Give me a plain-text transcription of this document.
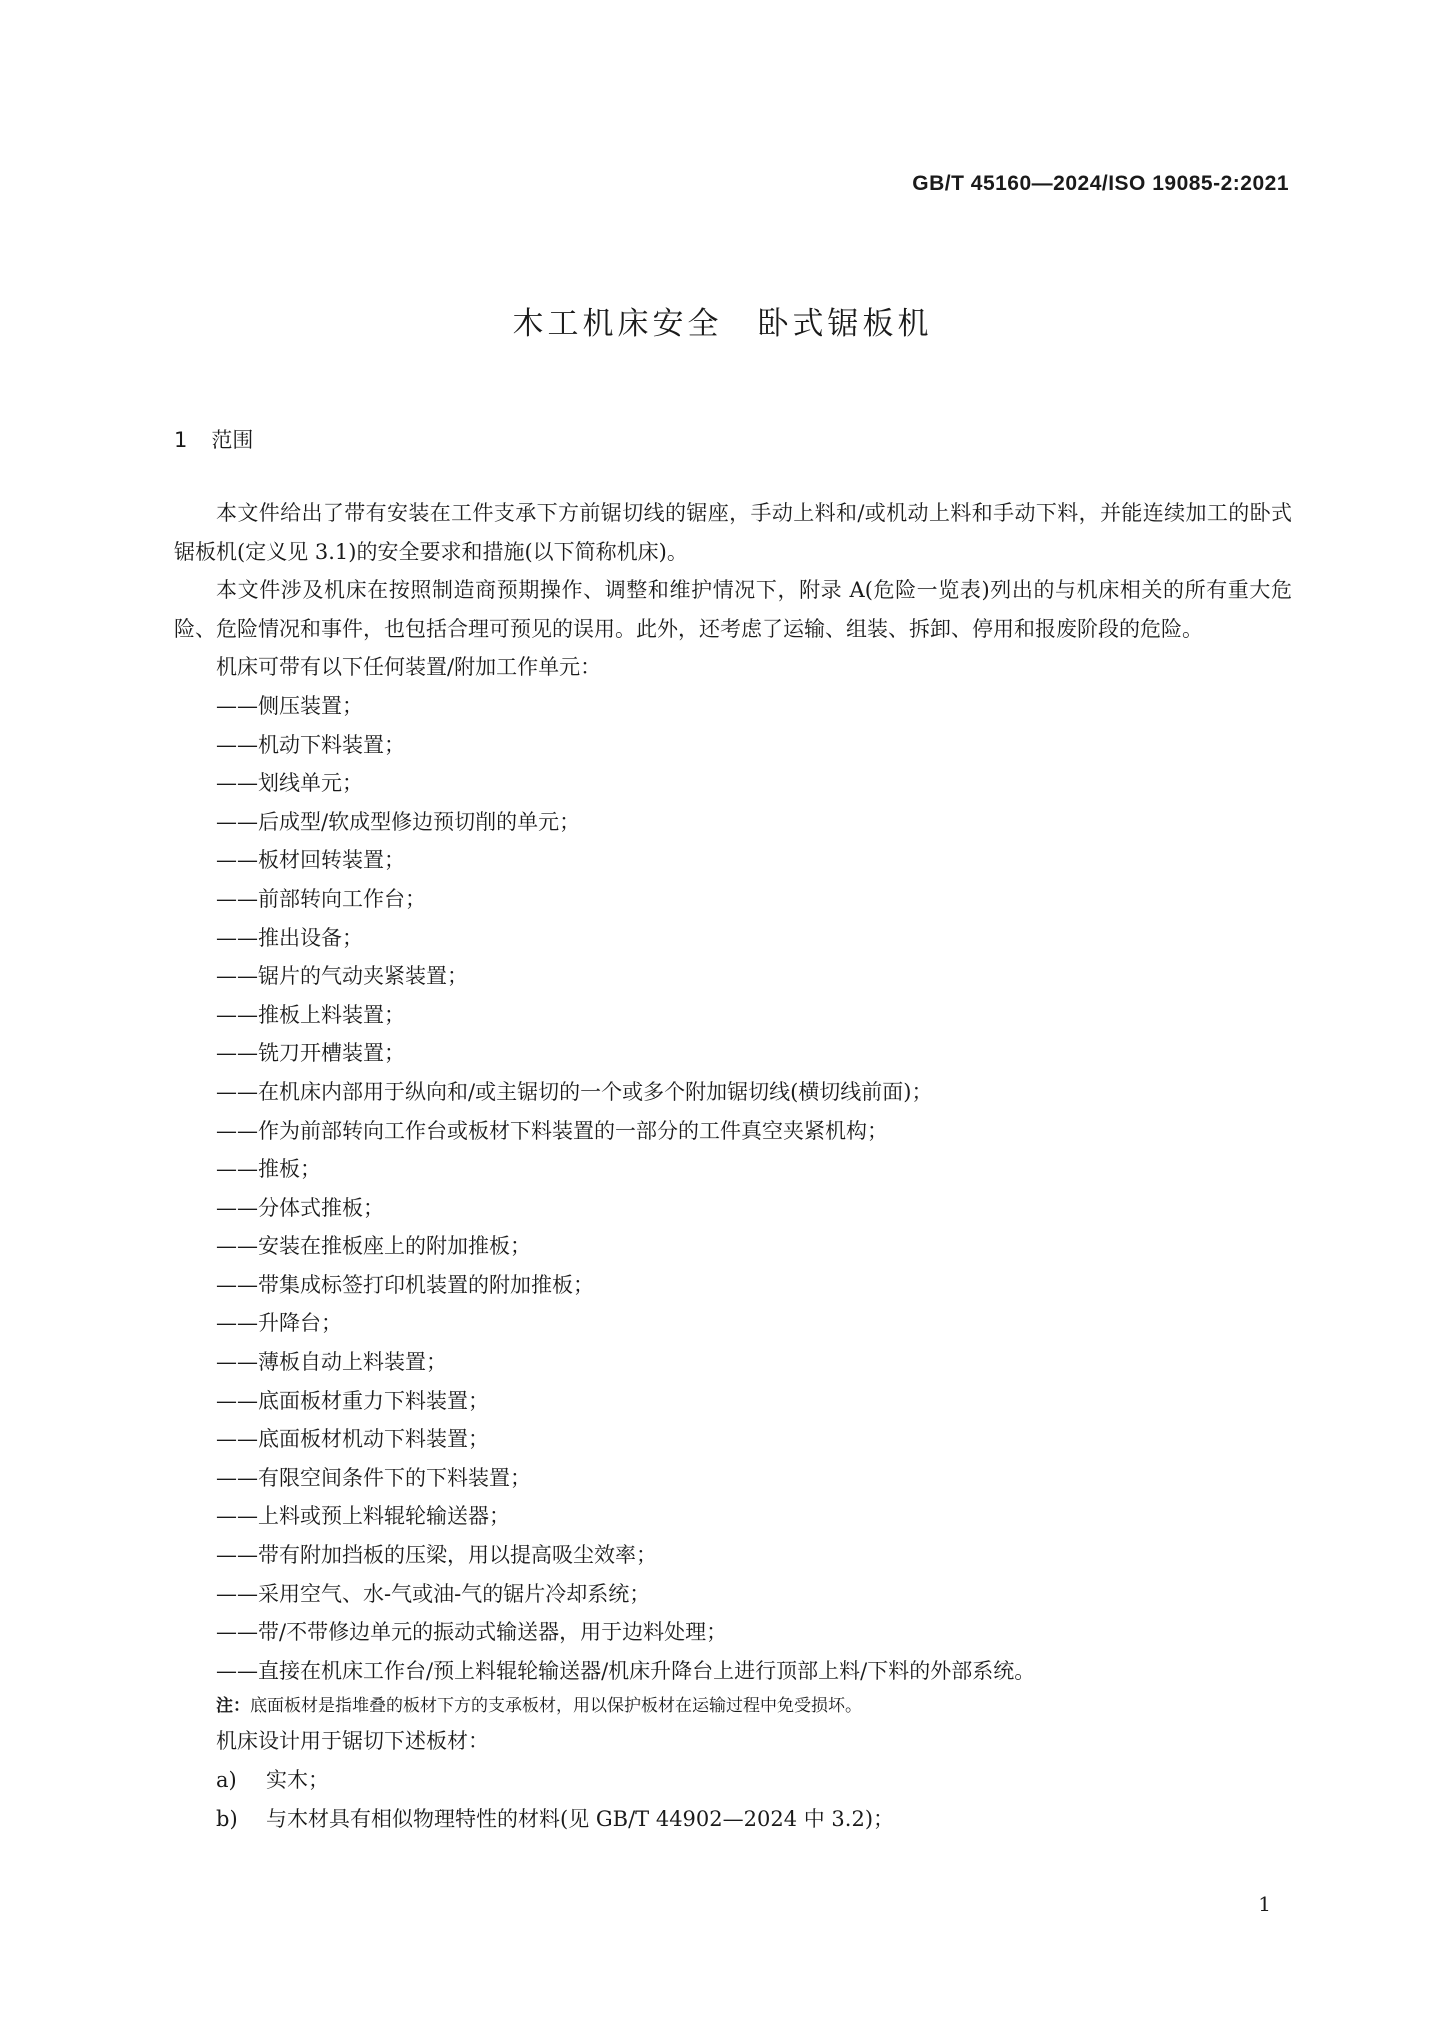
GB/T 45160—2024/ISO 19085-2:2021
木工机床安全　卧式锯板机
1 范围

本文件给出了带有安装在工件支承下方前锯切线的锯座，手动上料和/或机动上料和手动下料，并能连续加工的卧式锯板机(定义见 3.1)的安全要求和措施(以下简称机床)。

本文件涉及机床在按照制造商预期操作、调整和维护情况下，附录 A(危险一览表)列出的与机床相关的所有重大危险、危险情况和事件，也包括合理可预见的误用。此外，还考虑了运输、组装、拆卸、停用和报废阶段的危险。

机床可带有以下任何装置/附加工作单元：

——侧压装置；

——机动下料装置；

——划线单元；

——后成型/软成型修边预切削的单元；

——板材回转装置；

——前部转向工作台；

——推出设备；

——锯片的气动夹紧装置；

——推板上料装置；

——铣刀开槽装置；

——在机床内部用于纵向和/或主锯切的一个或多个附加锯切线(横切线前面)；

——作为前部转向工作台或板材下料装置的一部分的工件真空夹紧机构；

——推板；

——分体式推板；

——安装在推板座上的附加推板；

——带集成标签打印机装置的附加推板；

——升降台；

——薄板自动上料装置；

——底面板材重力下料装置；

——底面板材机动下料装置；

——有限空间条件下的下料装置；

——上料或预上料辊轮输送器；

——带有附加挡板的压梁，用以提高吸尘效率；

——采用空气、水-气或油-气的锯片冷却系统；

——带/不带修边单元的振动式输送器，用于边料处理；

——直接在机床工作台/预上料辊轮输送器/机床升降台上进行顶部上料/下料的外部系统。

注：底面板材是指堆叠的板材下方的支承板材，用以保护板材在运输过程中免受损坏。

机床设计用于锯切下述板材：

a) 实木；

b) 与木材具有相似物理特性的材料(见 GB/T 44902—2024 中 3.2)；

1
